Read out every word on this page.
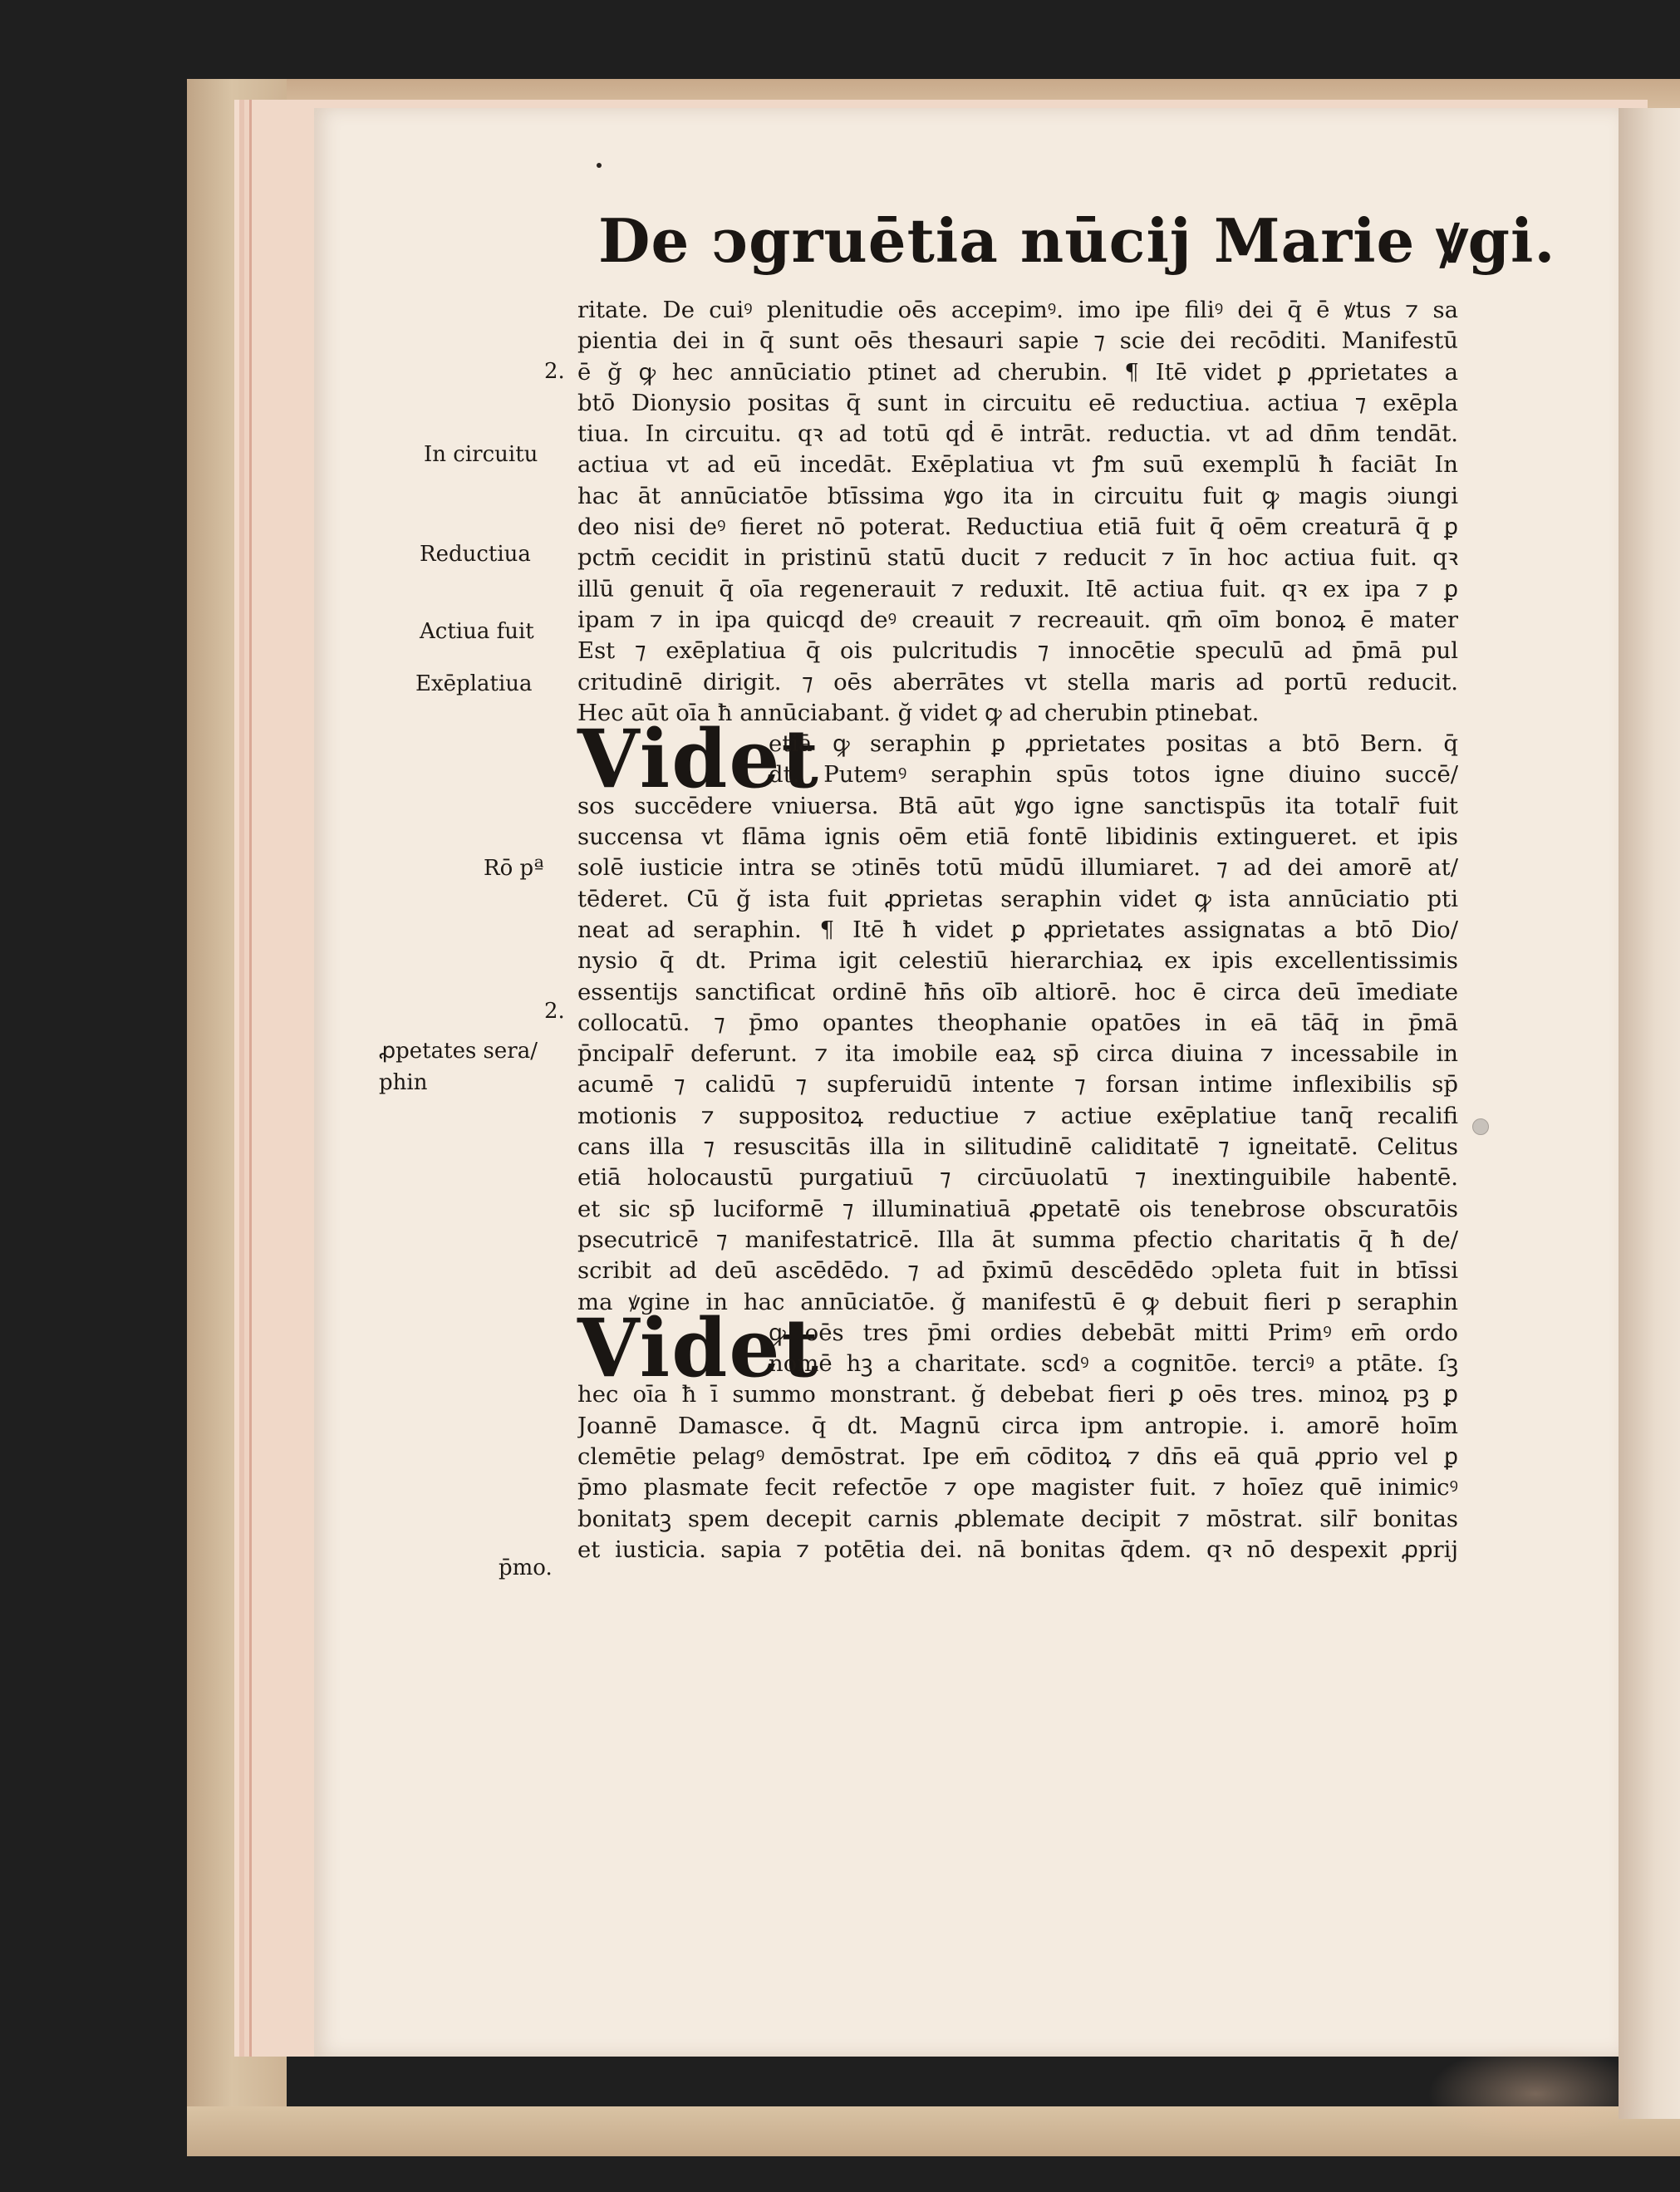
De ↄgruētia nūcij Marie ꝟgi.
ritate. De cuiꝰ plenitudie oēs accepimꝰ. imo ipe filiꝰ dei q̄ ē ꝟtus ⁊ sa
pientia dei in q̄ sunt oēs thesauri sapie ⁊ scie dei recōditi. Manifestū
ē ğ ꝙ hec annūciatio ptinet ad cherubin. ¶ Itē videt ꝑ ꝓprietates a
btō Dionysio positas q̄ sunt in circuitu eē reductiua. actiua ⁊ exēpla
tiua. In circuitu. qꝛ ad totū qḋ ē intrāt. reductia. vt ad dn̄m tendāt.
actiua vt ad eū incedāt. Exēplatiua vt ꝭm suū exemplū ħ faciāt In
hac āt annūciatōe btīssima ꝟgo ita in circuitu fuit ꝙ magis ↄiungi
deo nisi deꝰ fieret nō poterat. Reductiua etiā fuit q̄ oēm creaturā q̄ ꝑ
pctm̄ cecidit in pristinū statū ducit ⁊ reducit ⁊ īn hoc actiua fuit. qꝛ
illū genuit q̄ oīa regenerauit ⁊ reduxit. Itē actiua fuit. qꝛ ex ipa ⁊ ꝑ
ipam ⁊ in ipa quicqd deꝰ creauit ⁊ recreauit. qm̄ oīm bonoꝝ ē mater
Est ⁊ exēplatiua q̄ ois pulcritudis ⁊ innocētie speculū ad p̄mā pul
critudinē dirigit. ⁊ oēs aberrātes vt stella maris ad portū reducit.
Hec aūt oīa ħ annūciabant. ğ videt ꝙ ad cherubin ptinebat.
Videt
etiā ꝙ seraphin ꝑ ꝓprietates positas a btō Bern. q̄
dt. Putemꝰ seraphin spūs totos igne diuino succē/
sos succēdere vniuersa. Btā aūt ꝟgo igne sanctispūs ita totalr̄ fuit
succensa vt flāma ignis oēm etiā fontē libidinis extingueret. et ipis
solē iusticie intra se ↄtinēs totū mūdū illumiaret. ⁊ ad dei amorē at/
tēderet. Cū ğ ista fuit ꝓprietas seraphin videt ꝙ ista annūciatio pti
neat ad seraphin. ¶ Itē ħ videt ꝑ ꝓprietates assignatas a btō Dio/
nysio q̄ dt. Prima igit celestiū hierarchiaꝝ ex ipis excellentissimis
essentijs sanctificat ordinē ħn̄s oīb altiorē. hoc ē circa deū īmediate
collocatū. ⁊ p̄mo opantes theophanie opatōes in eā tāq̄ in p̄mā
p̄ncipalr̄ deferunt. ⁊ ita imobile eaꝝ sp̄ circa diuina ⁊ incessabile in
acumē ⁊ calidū ⁊ supferuidū intente ⁊ forsan intime inflexibilis sp̄
motionis ⁊ suppositoꝝ reductiue ⁊ actiue exēplatiue tanq̄ recalifi
cans illa ⁊ resuscitās illa in silitudinē caliditatē ⁊ igneitatē. Celitus
etiā holocaustū purgatiuū ⁊ circūuolatū ⁊ inextinguibile habentē.
et sic sp̄ luciformē ⁊ illuminatiuā ꝓpetatē ois tenebrose obscuratōis
psecutricē ⁊ manifestatricē. Illa āt summa pfectio charitatis q̄ ħ de/
scribit ad deū ascēdēdo. ⁊ ad p̄ximū descēdēdo ↄpleta fuit in btīssi
ma ꝟgine in hac annūciatōe. ğ manifestū ē ꝙ debuit fieri p seraphin
Videt
ꝙ oēs tres p̄mi ordies debebāt mitti Primꝰ em̄ ordo
nomē hꝫ a charitate. scdꝰ a cognitōe. terciꝰ a ptāte. ſꝫ
hec oīa ħ ī summo monstrant. ğ debebat fieri ꝑ oēs tres. minoꝝ pꝫ ꝑ
Joannē Damasce. q̄ dt. Magnū circa ipm antropie. i. amorē hoīm
clemētie pelagꝰ demōstrat. Ipe em̄ cōditoꝝ ⁊ dn̄s eā quā ꝓprio vel ꝑ
p̄mo plasmate fecit refectōe ⁊ ope magister fuit. ⁊ hoīez quē inimicꝰ
bonitatꝫ spem decepit carnis ꝓblemate decipit ⁊ mōstrat. silr̄ bonitas
et iusticia. sapia ⁊ potētia dei. nā bonitas q̄dem. qꝛ nō despexit ꝓprij
2.
In circuitu
Reductiua
Actiua fuit
Exēplatiua
Rō pª
2.
ꝓpetates sera/
phin
p̄mo.
